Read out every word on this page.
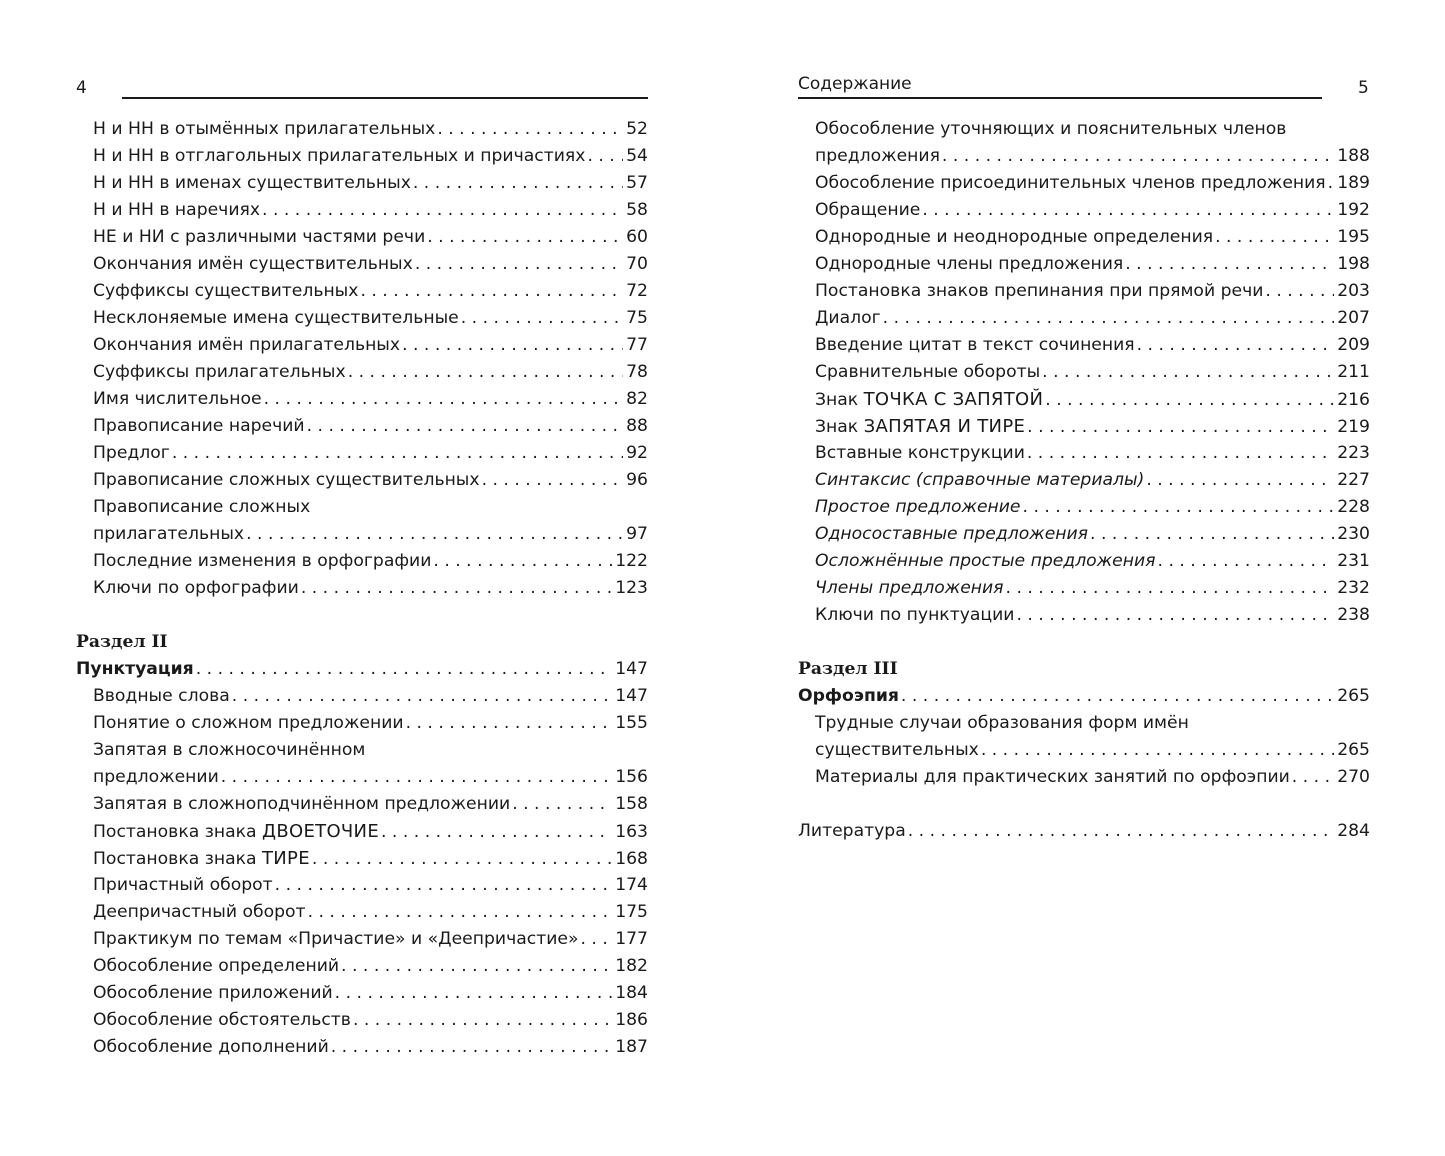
4
Н и НН в отымённых прилагательных . . .	52
Н и НН в отглагольных прилагательных и причастиях . . . 54
Н и НН в именах существительных . . .	57
Н и НН в наречиях . . .	58
НЕ и НИ с различными частями речи . . .	60
Окончания имён существительных . . .	70
Суффиксы существительных . . .	72
Несклоняемые имена существительные . . .	75
Окончания имён прилагательных . . .	77
Суффиксы прилагательных . . .	78
Имя числительное . . .	82
Правописание наречий . . .	88
Предлог . . .	92
Правописание сложных существительных . . .	96
Правописание сложных
прилагательных . . .	97
Последние изменения в орфографии . . .	122
Ключи по орфографии . . .	123
Раздел II
Пунктуация . . .	147
Вводные слова . . .	147
Понятие о сложном предложении . . .	155
Запятая в сложносочинённом
предложении . . .	156
Запятая в сложноподчинённом предложении . . .	158
Постановка знака ДВОЕТОЧИЕ . . .	163
Постановка знака ТИРЕ . . .	168
Причастный оборот . . .	174
Деепричастный оборот . . .	175
Практикум по темам «Причастие» и «Деепричастие» . . . 177
Обособление определений . . .	182
Обособление приложений . . .	184
Обособление обстоятельств . . .	186
Обособление дополнений . . .	187
Содержание	5
Обособление уточняющих и пояснительных членов
предложения . . .	188
Обособление присоединительных членов предложения . . . 189
Обращение . . .	192
Однородные и неоднородные определения . . .	195
Однородные члены предложения . . .	198
Постановка знаков препинания при прямой речи . . .	203
Диалог . . .	207
Введение цитат в текст сочинения . . .	209
Сравнительные обороты . . .	211
Знак ТОЧКА С ЗАПЯТОЙ . . .	216
Знак ЗАПЯТАЯ И ТИРЕ . . .	219
Вставные конструкции . . .	223
Синтаксис (справочные материалы) . . .	227
Простое предложение . . .	228
Односоставные предложения . . .	230
Осложнённые простые предложения . . .	231
Члены предложения . . .	232
Ключи по пунктуации . . .	238
Раздел III
Орфоэпия . . .	265
Трудные случаи образования форм имён
существительных . . .	265
Материалы для практических занятий по орфоэпии . . .	270
Литература . . .	284
